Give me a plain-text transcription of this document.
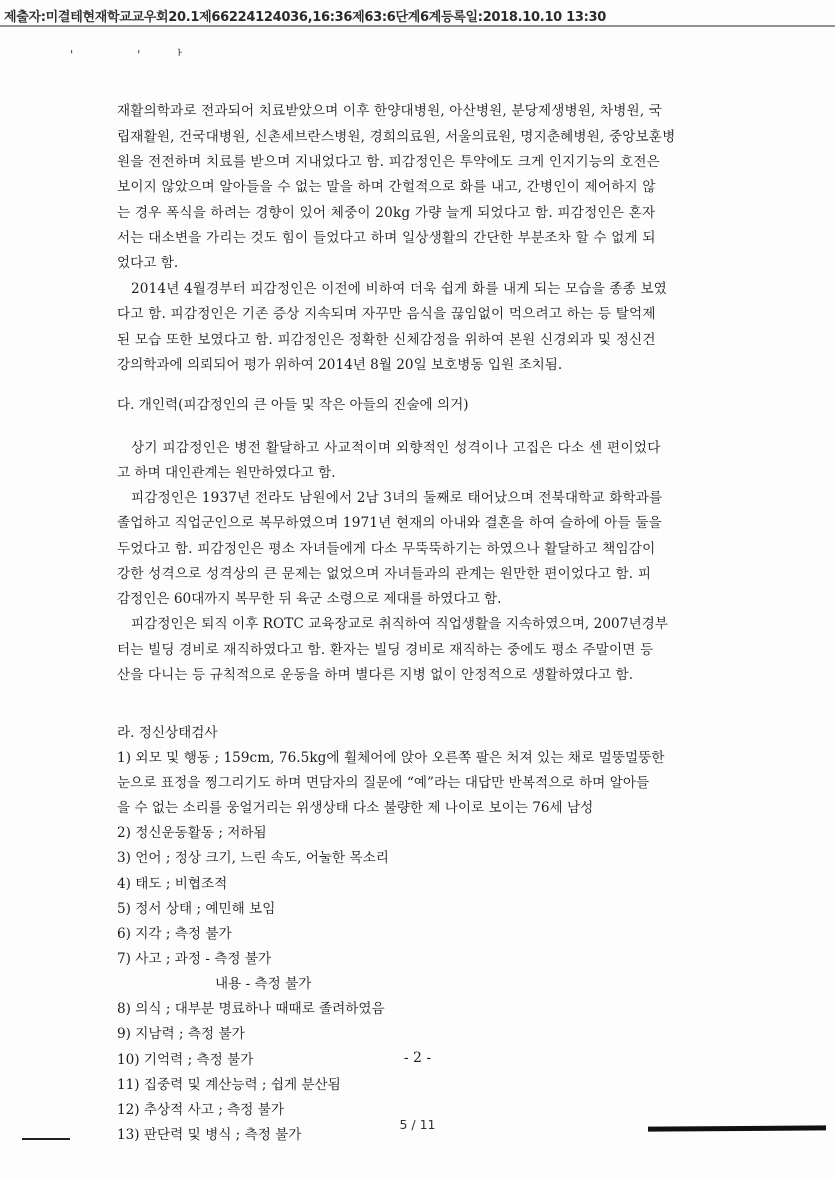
제출자:미결테현재학교교우회20.1제66224124036,16:36제63:6단계6계등록일:2018.10.10 13:30
' 'ᅡ
재활의학과로 전과되어 치료받았으며 이후 한양대병원, 아산병원, 분당제생병원, 차병원, 국
립재활원, 건국대병원, 신촌세브란스병원, 경희의료원, 서울의료원, 명지춘혜병원, 중앙보훈병
원을 전전하며 치료를 받으며 지내었다고 함. 피감정인은 투약에도 크게 인지기능의 호전은
보이지 않았으며 알아들을 수 없는 말을 하며 간헐적으로 화를 내고, 간병인이 제어하지 않
는 경우 폭식을 하려는 경향이 있어 체중이 20kg 가량 늘게 되었다고 함. 피감정인은 혼자
서는 대소변을 가리는 것도 힘이 들었다고 하며 일상생활의 간단한 부분조차 할 수 없게 되
었다고 함.
2014년 4월경부터 피감정인은 이전에 비하여 더욱 쉽게 화를 내게 되는 모습을 종종 보였
다고 함. 피감정인은 기존 증상 지속되며 자꾸만 음식을 끊임없이 먹으려고 하는 등 탈억제
된 모습 또한 보였다고 함. 피감정인은 정확한 신체감정을 위하여 본원 신경외과 및 정신건
강의학과에 의뢰되어 평가 위하여 2014년 8월 20일 보호병동 입원 조치됨.
다. 개인력(피감정인의 큰 아들 및 작은 아들의 진술에 의거)
상기 피감정인은 병전 활달하고 사교적이며 외향적인 성격이나 고집은 다소 센 편이었다
고 하며 대인관계는 원만하였다고 함.
피감정인은 1937년 전라도 남원에서 2남 3녀의 둘째로 태어났으며 전북대학교 화학과를
졸업하고 직업군인으로 복무하였으며 1971년 현재의 아내와 결혼을 하여 슬하에 아들 둘을
두었다고 함. 피감정인은 평소 자녀들에게 다소 무뚝뚝하기는 하였으나 활달하고 책임감이
강한 성격으로 성격상의 큰 문제는 없었으며 자녀들과의 관계는 원만한 편이었다고 함. 피
감정인은 60대까지 복무한 뒤 육군 소령으로 제대를 하였다고 함.
피감정인은 퇴직 이후 ROTC 교육장교로 취직하여 직업생활을 지속하였으며, 2007년경부
터는 빌딩 경비로 재직하였다고 함. 환자는 빌딩 경비로 재직하는 중에도 평소 주말이면 등
산을 다니는 등 규칙적으로 운동을 하며 별다른 지병 없이 안정적으로 생활하였다고 함.
라. 정신상태검사
1) 외모 및 행동 ; 159cm, 76.5kg에 휠체어에 앉아 오른쪽 팔은 처져 있는 채로 멀뚱멀뚱한
눈으로 표정을 찡그리기도 하며 면담자의 질문에 “예”라는 대답만 반복적으로 하며 알아들
을 수 없는 소리를 웅얼거리는 위생상태 다소 불량한 제 나이로 보이는 76세 남성
2) 정신운동활동 ; 저하됨
3) 언어 ; 정상 크기, 느린 속도, 어눌한 목소리
4) 태도 ; 비협조적
5) 정서 상태 ; 예민해 보임
6) 지각 ; 측정 불가
7) 사고 ; 과정 - 측정 불가
내용 - 측정 불가
8) 의식 ; 대부분 명료하나 때때로 졸려하였음
9) 지남력 ; 측정 불가
10) 기억력 ; 측정 불가
11) 집중력 및 계산능력 ; 쉽게 분산됨
12) 추상적 사고 ; 측정 불가
13) 판단력 및 병식 ; 측정 불가
- 2 -
5 / 11
